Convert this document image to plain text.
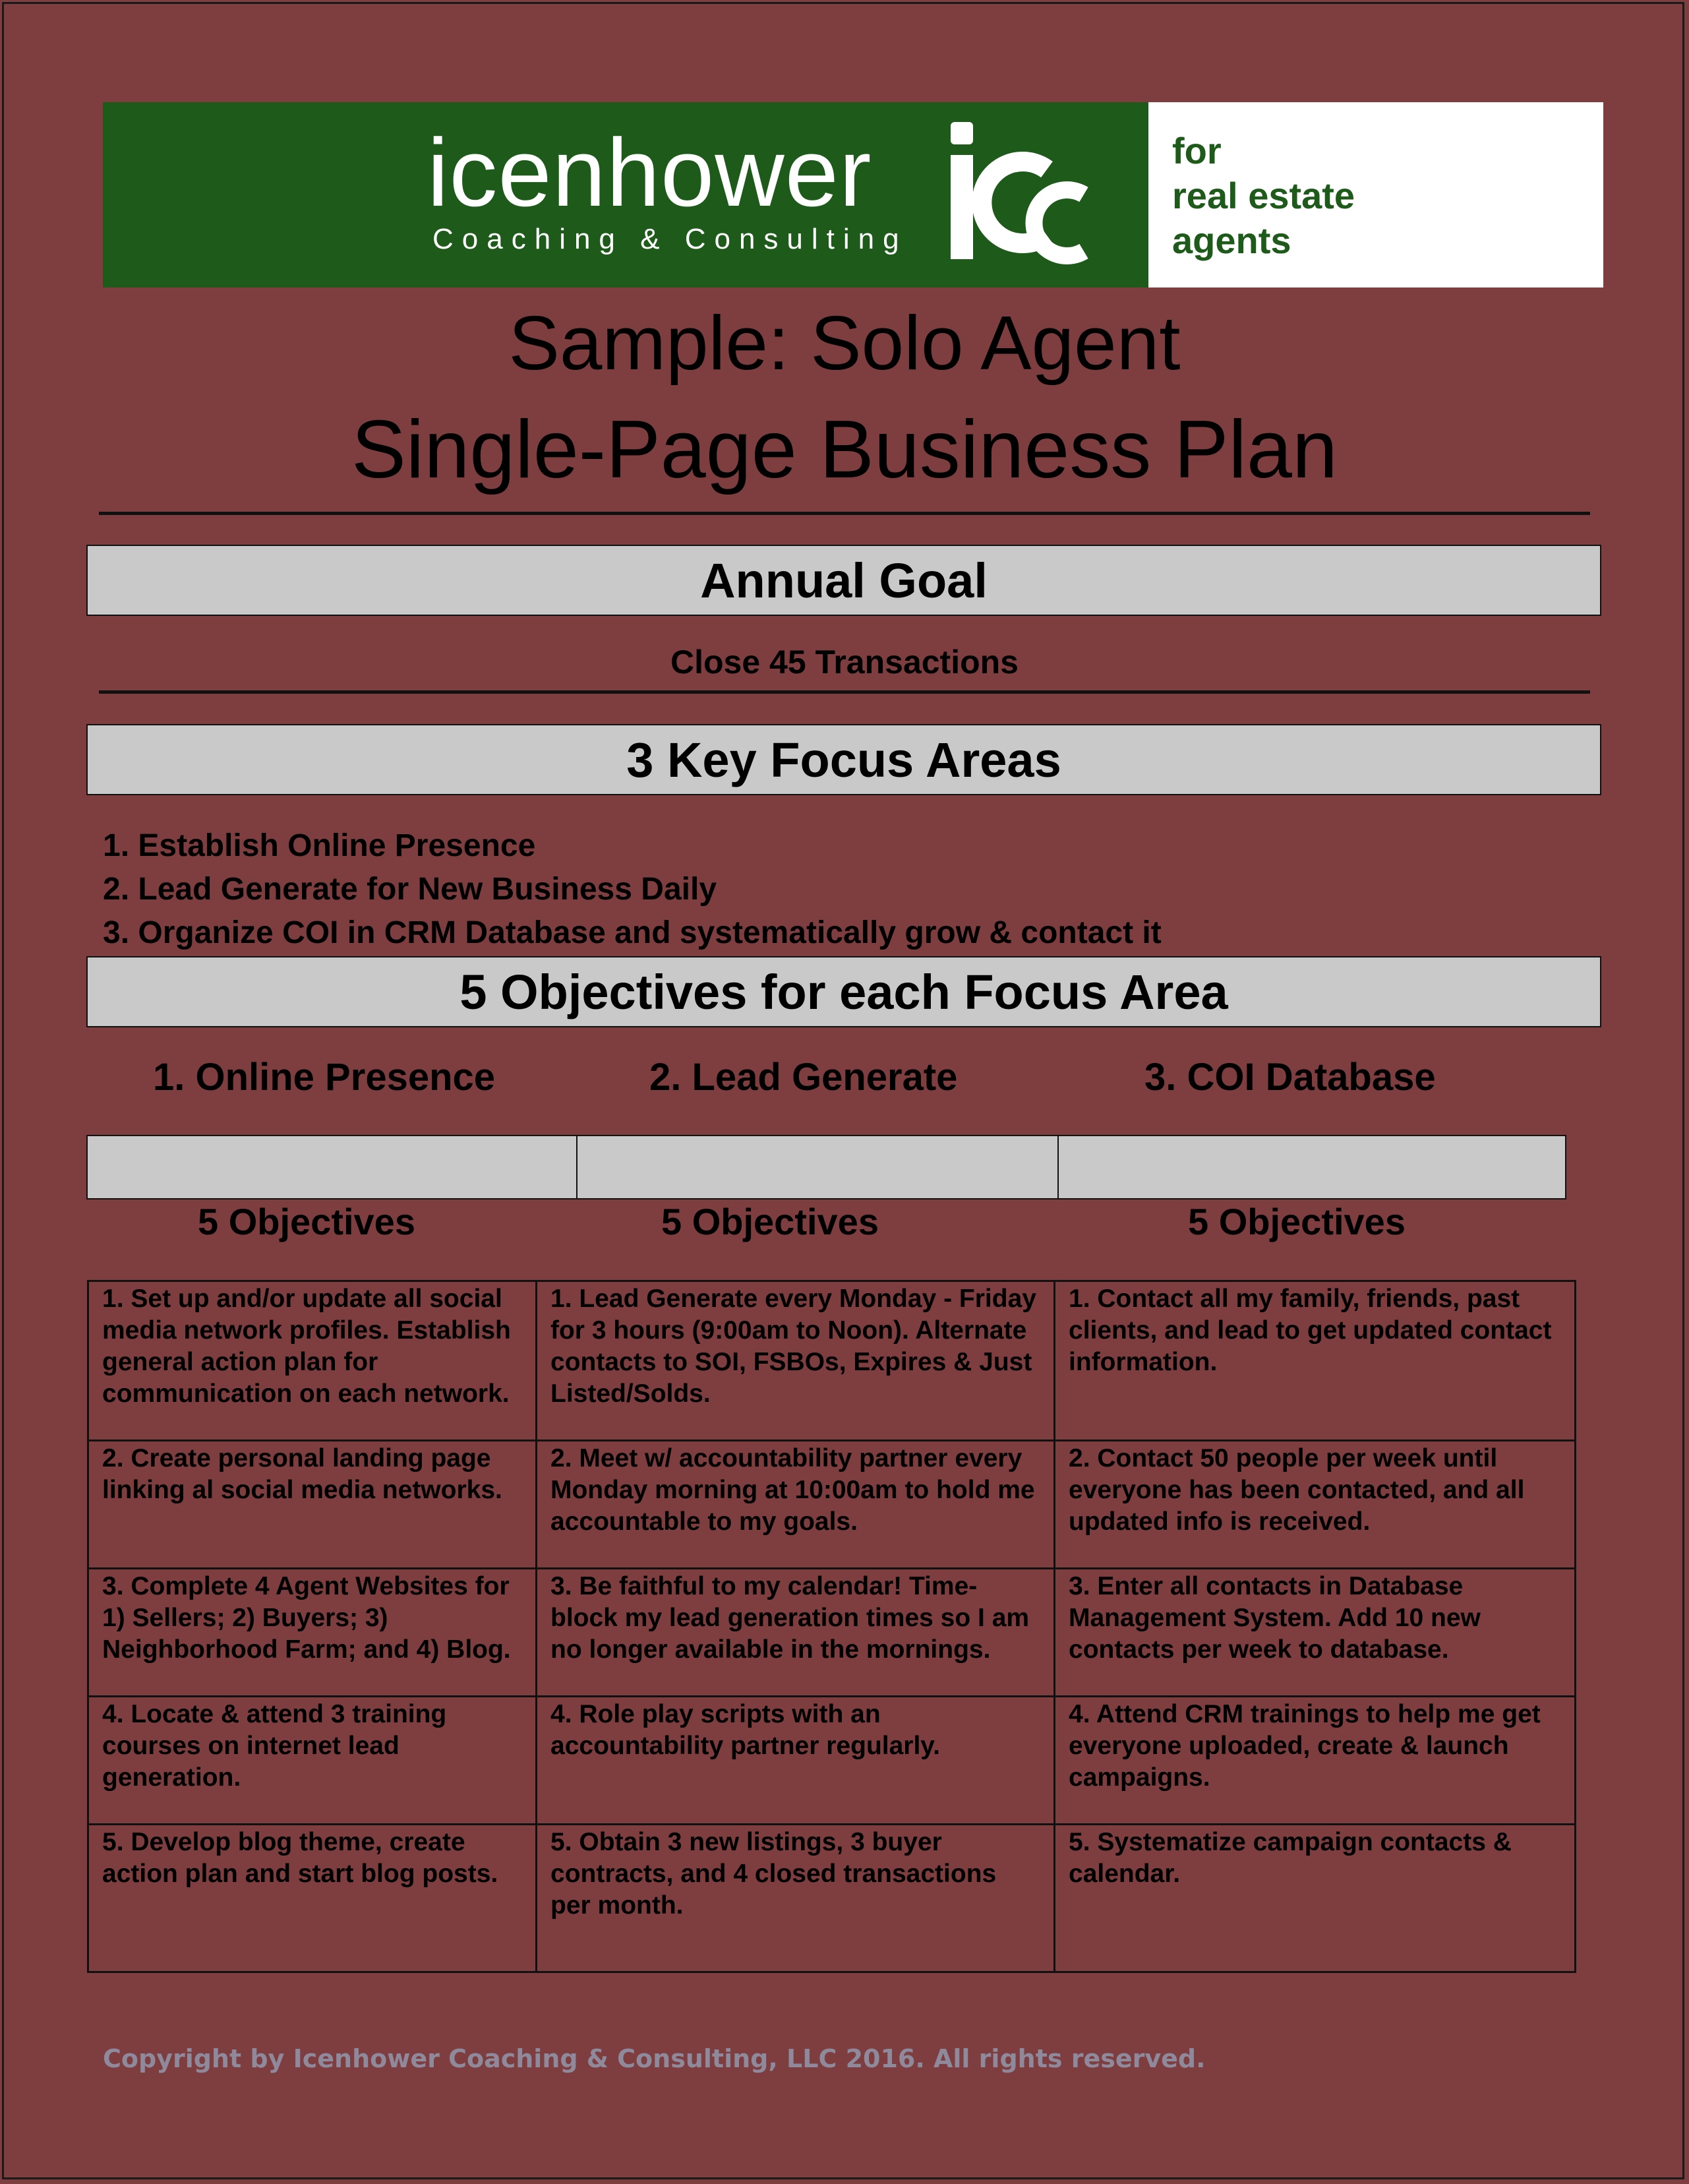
icenhower
Coaching & Consulting
for
real estate
agents
Sample: Solo Agent
Single-Page Business Plan
Annual Goal
Close 45 Transactions
3 Key Focus Areas
1. Establish Online Presence
2. Lead Generate for New Business Daily
3. Organize COI in CRM Database and systematically grow & contact it
5 Objectives for each Focus Area
1. Online Presence	2. Lead Generate	3. COI Database
5 Objectives	5 Objectives	5 Objectives
1. Set up and/or update all social media network profiles. Establish general action plan for communication on each network.	1. Lead Generate every Monday - Friday for 3 hours (9:00am to Noon). Alternate contacts to SOI, FSBOs, Expires & Just Listed/Solds.	1. Contact all my family, friends, past clients, and lead to get updated contact information.
2. Create personal landing page linking al social media networks.	2. Meet w/ accountability partner every Monday morning at 10:00am to hold me accountable to my goals.	2. Contact 50 people per week until everyone has been contacted, and all updated info is received.
3. Complete 4 Agent Websites for 1) Sellers; 2) Buyers; 3) Neighborhood Farm; and 4) Blog.	3. Be faithful to my calendar! Time-block my lead generation times so I am no longer available in the mornings.	3. Enter all contacts in Database Management System. Add 10 new contacts per week to database.
4. Locate & attend 3 training courses on internet lead generation.	4. Role play scripts with an accountability partner regularly.	4. Attend CRM trainings to help me get everyone uploaded, create & launch campaigns.
5. Develop blog theme, create action plan and start blog posts.	5. Obtain 3 new listings, 3 buyer contracts, and 4 closed transactions per month.	5. Systematize campaign contacts & calendar.
Copyright by Icenhower Coaching & Consulting, LLC 2016. All rights reserved.
